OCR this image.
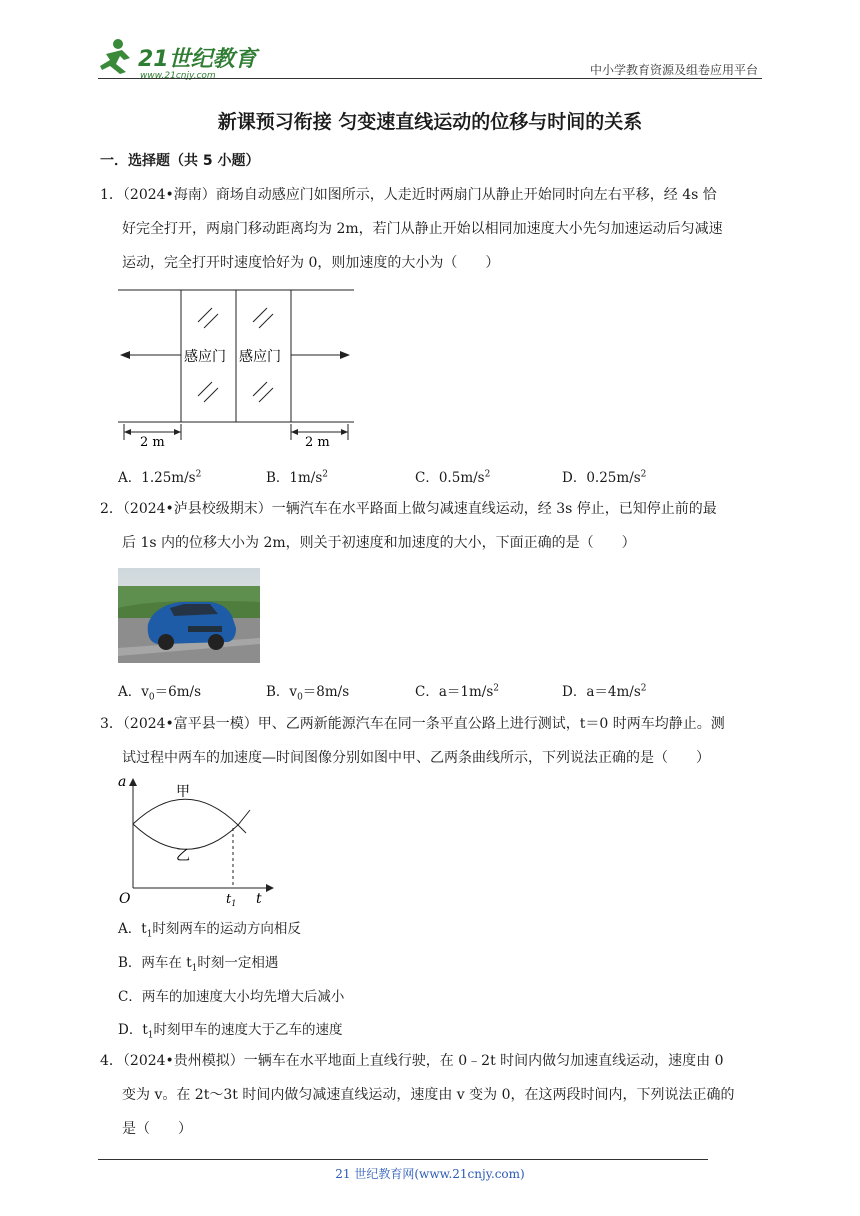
21世纪教育
www.21cnjy.com	中小学教育资源及组卷应用平台
新课预习衔接 匀变速直线运动的位移与时间的关系
一．选择题（共 5 小题）
1．（2024•海南）商场自动感应门如图所示，人走近时两扇门从静止开始同时向左右平移，经 4s 恰
好完全打开，两扇门移动距离均为 2m，若门从静止开始以相同加速度大小先匀加速运动后匀减速
运动，完全打开时速度恰好为 0，则加速度的大小为（　　）
感应门 感应门
2 m	2 m
A．$1.25m/s^2$	B．$1m/s^2$	C．$0.5m/s^2$	D．$0.25m/s^2$
2．（2024•泸县校级期末）一辆汽车在水平路面上做匀减速直线运动，经 3s 停止，已知停止前的最
后 1s 内的位移大小为 2m，则关于初速度和加速度的大小，下面正确的是（　　）
A．$v_0=6m/s$	B．$v_0=8m/s$	C．$a=1m/s^2$	D．$a=4m/s^2$
3．（2024•富平县一模）甲、乙两新能源汽车在同一条平直公路上进行测试，t＝0 时两车均静止。测
试过程中两车的加速度—时间图像分别如图中甲、乙两条曲线所示，下列说法正确的是（　　）
a
O	t
$t_1$
甲
乙
A．$t_1$时刻两车的运动方向相反
B．两车在 $t_1$时刻一定相遇
C．两车的加速度大小均先增大后减小
D．$t_1$时刻甲车的速度大于乙车的速度
4．（2024•贵州模拟）一辆车在水平地面上直线行驶，在 0﹣2t 时间内做匀加速直线运动，速度由 0
变为 v。在 2t～3t 时间内做匀减速直线运动，速度由 v 变为 0，在这两段时间内，下列说法正确的
是（　　）
21 世纪教育网(www.21cnjy.com)
